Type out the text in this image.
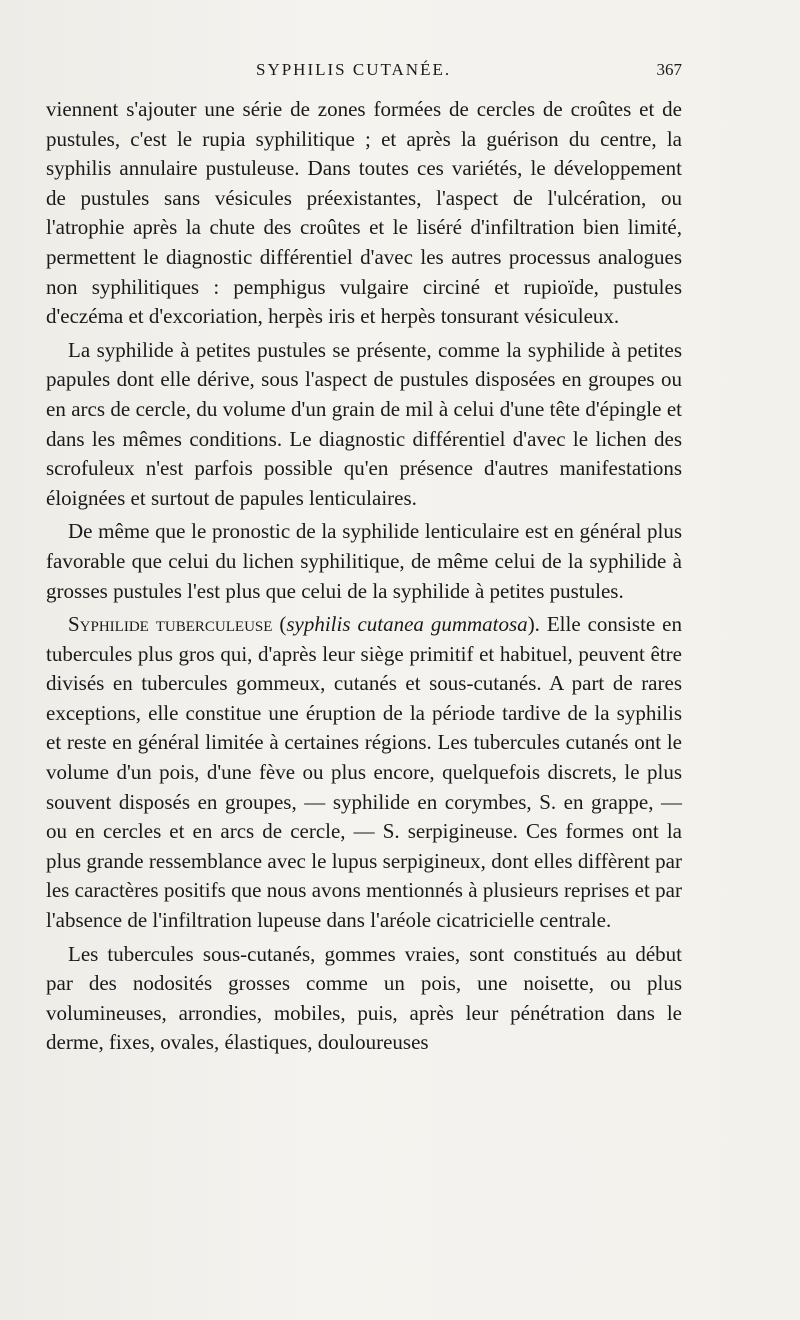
SYPHILIS CUTANÉE.	367

viennent s'ajouter une série de zones formées de cercles de croûtes et de pustules, c'est le rupia syphilitique ; et après la guérison du centre, la syphilis annulaire pustuleuse. Dans toutes ces variétés, le développement de pustules sans vésicules préexistantes, l'aspect de l'ulcération, ou l'atrophie après la chute des croûtes et le liséré d'infiltration bien limité, permettent le diagnostic différentiel d'avec les autres processus analogues non syphilitiques : pemphigus vulgaire circiné et rupioïde, pustules d'eczéma et d'excoriation, herpès iris et herpès tonsurant vésiculeux.

La syphilide à petites pustules se présente, comme la syphilide à petites papules dont elle dérive, sous l'aspect de pustules disposées en groupes ou en arcs de cercle, du volume d'un grain de mil à celui d'une tête d'épingle et dans les mêmes conditions. Le diagnostic différentiel d'avec le lichen des scrofuleux n'est parfois possible qu'en présence d'autres manifestations éloignées et surtout de papules lenticulaires.

De même que le pronostic de la syphilide lenticulaire est en général plus favorable que celui du lichen syphilitique, de même celui de la syphilide à grosses pustules l'est plus que celui de la syphilide à petites pustules.

Syphilide tuberculeuse (syphilis cutanea gummatosa). Elle consiste en tubercules plus gros qui, d'après leur siège primitif et habituel, peuvent être divisés en tubercules gommeux, cutanés et sous-cutanés. A part de rares exceptions, elle constitue une éruption de la période tardive de la syphilis et reste en général limitée à certaines régions. Les tubercules cutanés ont le volume d'un pois, d'une fève ou plus encore, quelquefois discrets, le plus souvent disposés en groupes, — syphilide en corymbes, S. en grappe, — ou en cercles et en arcs de cercle, — S. serpigineuse. Ces formes ont la plus grande ressemblance avec le lupus serpigineux, dont elles diffèrent par les caractères positifs que nous avons mentionnés à plusieurs reprises et par l'absence de l'infiltration lupeuse dans l'aréole cicatricielle centrale.

Les tubercules sous-cutanés, gommes vraies, sont constitués au début par des nodosités grosses comme un pois, une noisette, ou plus volumineuses, arrondies, mobiles, puis, après leur pénétration dans le derme, fixes, ovales, élastiques, douloureuses
